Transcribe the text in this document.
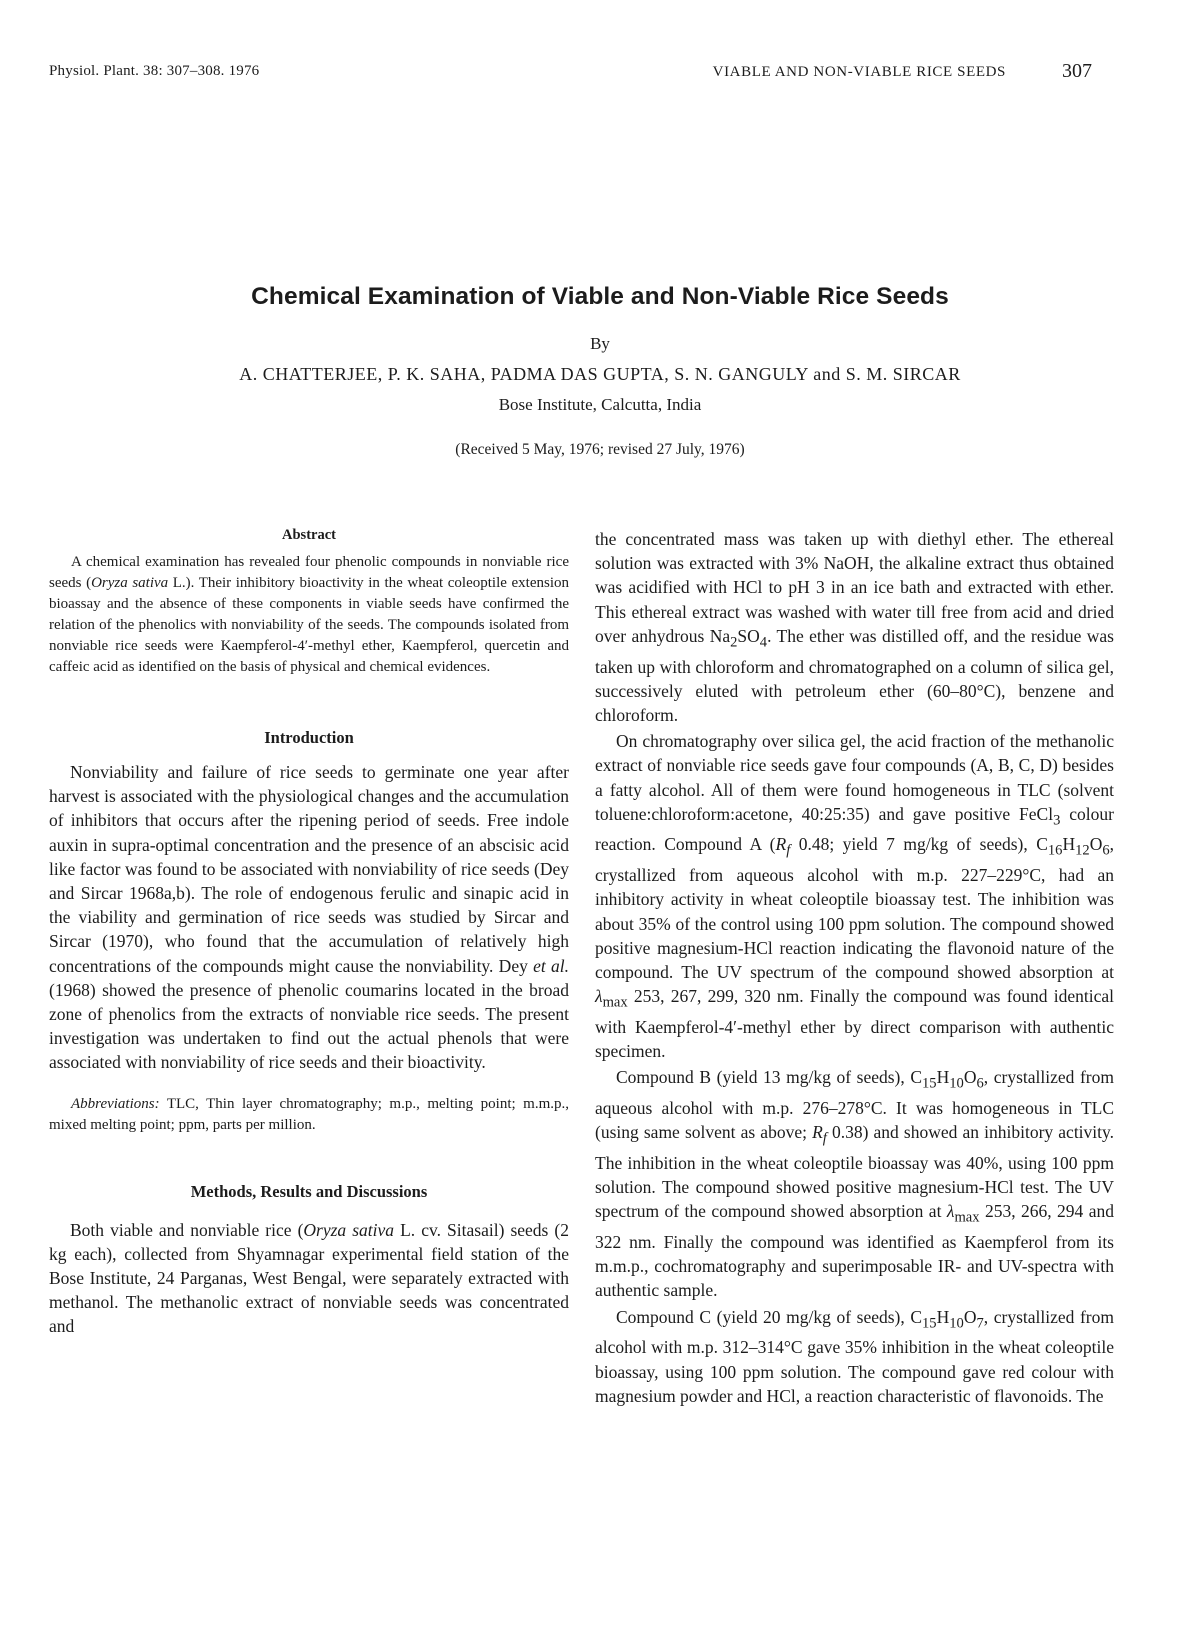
Physiol. Plant. 38: 307–308. 1976	VIABLE AND NON-VIABLE RICE SEEDS	307
Chemical Examination of Viable and Non-Viable Rice Seeds
By
A. CHATTERJEE, P. K. SAHA, PADMA DAS GUPTA, S. N. GANGULY and S. M. SIRCAR
Bose Institute, Calcutta, India
(Received 5 May, 1976; revised 27 July, 1976)
Abstract

A chemical examination has revealed four phenolic compounds in nonviable rice seeds (Oryza sativa L.). Their inhibitory bioactivity in the wheat coleoptile extension bioassay and the absence of these components in viable seeds have confirmed the relation of the phenolics with nonviability of the seeds. The compounds isolated from nonviable rice seeds were Kaempferol-4′-methyl ether, Kaempferol, quercetin and caffeic acid as identified on the basis of physical and chemical evidences.

Introduction

Nonviability and failure of rice seeds to germinate one year after harvest is associated with the physiological changes and the accumulation of inhibitors that occurs after the ripening period of seeds. Free indole auxin in supra-optimal concentration and the presence of an abscisic acid like factor was found to be associated with nonviability of rice seeds (Dey and Sircar 1968a,b). The role of endogenous ferulic and sinapic acid in the viability and germination of rice seeds was studied by Sircar and Sircar (1970), who found that the accumulation of relatively high concentrations of the compounds might cause the nonviability. Dey et al. (1968) showed the presence of phenolic coumarins located in the broad zone of phenolics from the extracts of nonviable rice seeds. The present investigation was undertaken to find out the actual phenols that were associated with nonviability of rice seeds and their bioactivity.

Abbreviations: TLC, Thin layer chromatography; m.p., melting point; m.m.p., mixed melting point; ppm, parts per million.

Methods, Results and Discussions

Both viable and nonviable rice (Oryza sativa L. cv. Sitasail) seeds (2 kg each), collected from Shyamnagar experimental field station of the Bose Institute, 24 Parganas, West Bengal, were separately extracted with methanol. The methanolic extract of nonviable seeds was concentrated and

the concentrated mass was taken up with diethyl ether. The ethereal solution was extracted with 3% NaOH, the alkaline extract thus obtained was acidified with HCl to pH 3 in an ice bath and extracted with ether. This ethereal extract was washed with water till free from acid and dried over anhydrous $Na_2SO_4$. The ether was distilled off, and the residue was taken up with chloroform and chromatographed on a column of silica gel, successively eluted with petroleum ether (60–80°C), benzene and chloroform.

On chromatography over silica gel, the acid fraction of the methanolic extract of nonviable rice seeds gave four compounds (A, B, C, D) besides a fatty alcohol. All of them were found homogeneous in TLC (solvent toluene:chloroform:acetone, 40:25:35) and gave positive FeCl$_3$ colour reaction. Compound A ($R_f$ 0.48; yield 7 mg/kg of seeds), $C_{16}H_{12}O_6$, crystallized from aqueous alcohol with m.p. 227–229°C, had an inhibitory activity in wheat coleoptile bioassay test. The inhibition was about 35% of the control using 100 ppm solution. The compound showed positive magnesium-HCl reaction indicating the flavonoid nature of the compound. The UV spectrum of the compound showed absorption at $\lambda_{max}$ 253, 267, 299, 320 nm. Finally the compound was found identical with Kaempferol-4′-methyl ether by direct comparison with authentic specimen.

Compound B (yield 13 mg/kg of seeds), $C_{15}H_{10}O_6$, crystallized from aqueous alcohol with m.p. 276–278°C. It was homogeneous in TLC (using same solvent as above; $R_f$ 0.38) and showed an inhibitory activity. The inhibition in the wheat coleoptile bioassay was 40%, using 100 ppm solution. The compound showed positive magnesium-HCl test. The UV spectrum of the compound showed absorption at $\lambda_{max}$ 253, 266, 294 and 322 nm. Finally the compound was identified as Kaempferol from its m.m.p., cochromatography and superimposable IR- and UV-spectra with authentic sample.

Compound C (yield 20 mg/kg of seeds), $C_{15}H_{10}O_7$, crystallized from alcohol with m.p. 312–314°C gave 35% inhibition in the wheat coleoptile bioassay, using 100 ppm solution. The compound gave red colour with magnesium powder and HCl, a reaction characteristic of flavonoids. The
